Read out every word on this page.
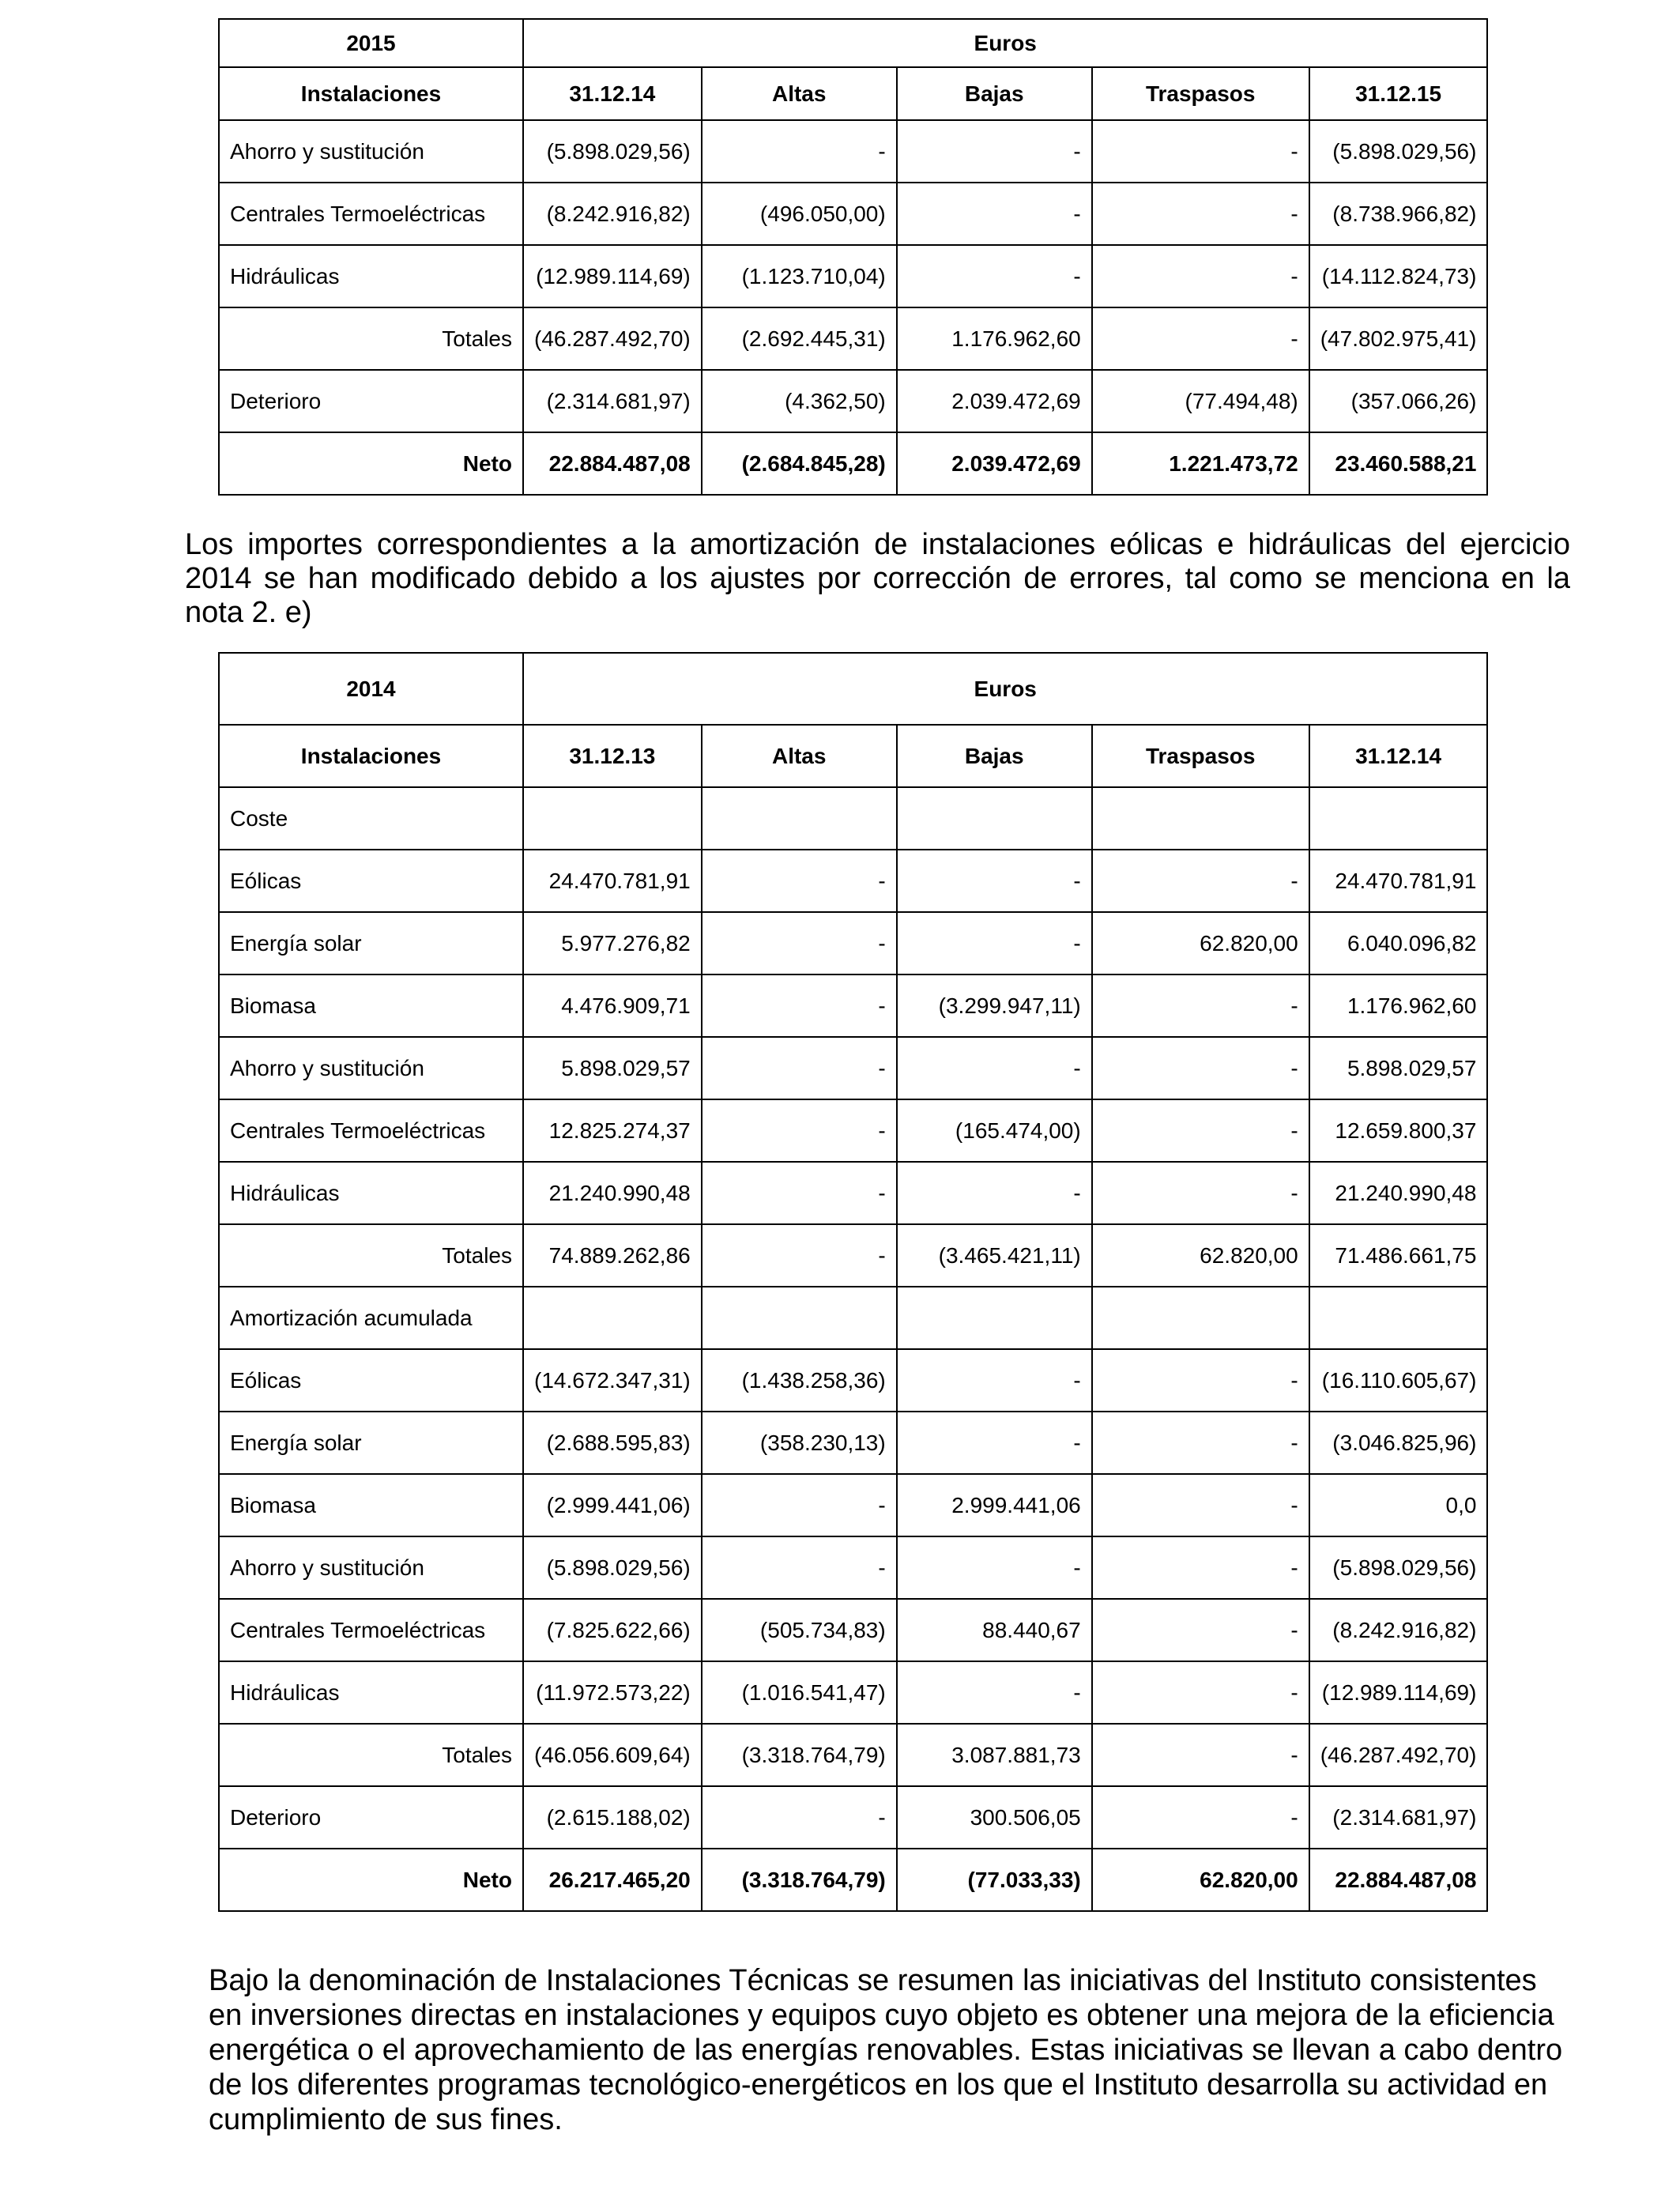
2015	Euros				
Instalaciones	31.12.14	Altas	Bajas	Traspasos	31.12.15
Ahorro y sustitución	(5.898.029,56)	-	-	-	(5.898.029,56)
Centrales Termoeléctricas	(8.242.916,82)	(496.050,00)	-	-	(8.738.966,82)
Hidráulicas	(12.989.114,69)	(1.123.710,04)	-	-	(14.112.824,73)
Totales	(46.287.492,70)	(2.692.445,31)	1.176.962,60	-	(47.802.975,41)
Deterioro	(2.314.681,97)	(4.362,50)	2.039.472,69	(77.494,48)	(357.066,26)
Neto	22.884.487,08	(2.684.845,28)	2.039.472,69	1.221.473,72	23.460.588,21

Los importes correspondientes a la amortización de instalaciones eólicas e hidráulicas del ejercicio 2014 se han modificado debido a los ajustes por corrección de errores, tal como se menciona en la nota 2. e)

2014	Euros				
Instalaciones	31.12.13	Altas	Bajas	Traspasos	31.12.14
Coste					
Eólicas	24.470.781,91	-	-	-	24.470.781,91
Energía solar	5.977.276,82	-	-	62.820,00	6.040.096,82
Biomasa	4.476.909,71	-	(3.299.947,11)	-	1.176.962,60
Ahorro y sustitución	5.898.029,57	-	-	-	5.898.029,57
Centrales Termoeléctricas	12.825.274,37	-	(165.474,00)	-	12.659.800,37
Hidráulicas	21.240.990,48	-	-	-	21.240.990,48
Totales	74.889.262,86	-	(3.465.421,11)	62.820,00	71.486.661,75
Amortización acumulada					
Eólicas	(14.672.347,31)	(1.438.258,36)	-	-	(16.110.605,67)
Energía solar	(2.688.595,83)	(358.230,13)	-	-	(3.046.825,96)
Biomasa	(2.999.441,06)	-	2.999.441,06	-	0,0
Ahorro y sustitución	(5.898.029,56)	-	-	-	(5.898.029,56)
Centrales Termoeléctricas	(7.825.622,66)	(505.734,83)	88.440,67	-	(8.242.916,82)
Hidráulicas	(11.972.573,22)	(1.016.541,47)	-	-	(12.989.114,69)
Totales	(46.056.609,64)	(3.318.764,79)	3.087.881,73	-	(46.287.492,70)
Deterioro	(2.615.188,02)	-	300.506,05	-	(2.314.681,97)
Neto	26.217.465,20	(3.318.764,79)	(77.033,33)	62.820,00	22.884.487,08

Bajo la denominación de Instalaciones Técnicas se resumen las iniciativas del Instituto consistentes en inversiones directas en instalaciones y equipos cuyo objeto es obtener una mejora de la eficiencia energética o el aprovechamiento de las energías renovables. Estas iniciativas se llevan a cabo dentro de los diferentes programas tecnológico-energéticos en los que el Instituto desarrolla su actividad en cumplimiento de sus fines.
